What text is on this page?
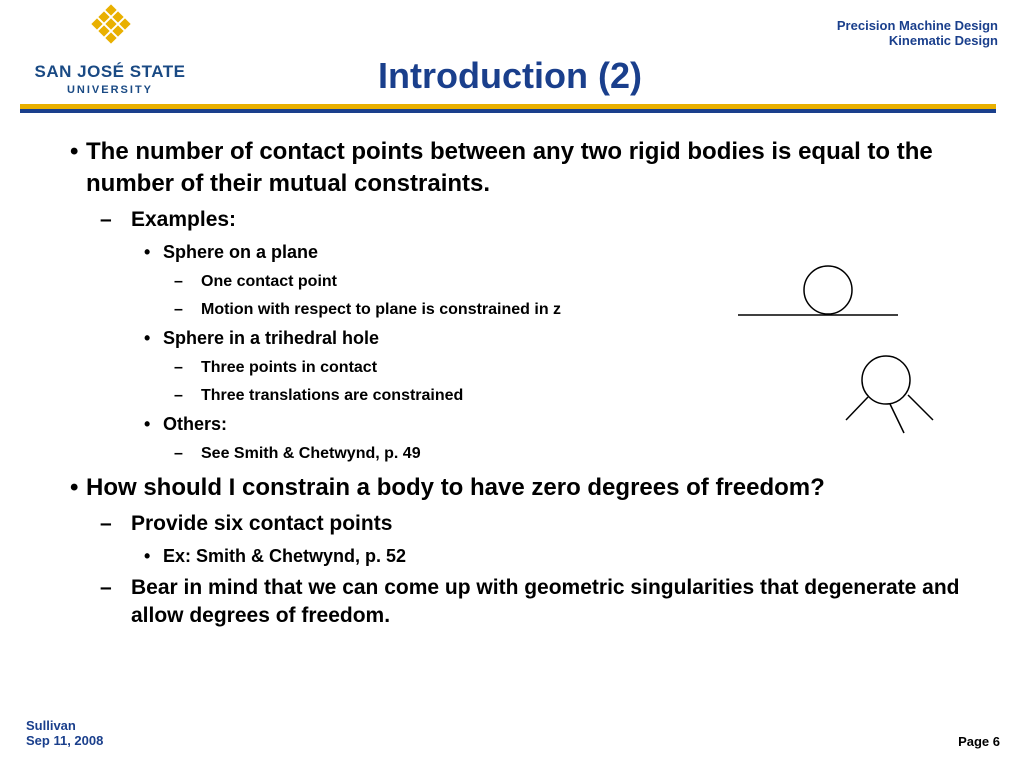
SAN JOSÉ STATE
UNIVERSITY
Precision Machine Design
Kinematic Design
Introduction (2)
• The number of contact points between any two rigid bodies is equal to the number of their mutual constraints.
– Examples:
• Sphere on a plane
– One contact point
– Motion with respect to plane is constrained in z
• Sphere in a trihedral hole
– Three points in contact
– Three translations are constrained
• Others:
– See Smith & Chetwynd, p. 49
• How should I constrain a body to have zero degrees of freedom?
– Provide six contact points
• Ex: Smith & Chetwynd, p. 52
– Bear in mind that we can come up with geometric singularities that degenerate and allow degrees of freedom.
Sullivan
Sep 11, 2008	Page 6
